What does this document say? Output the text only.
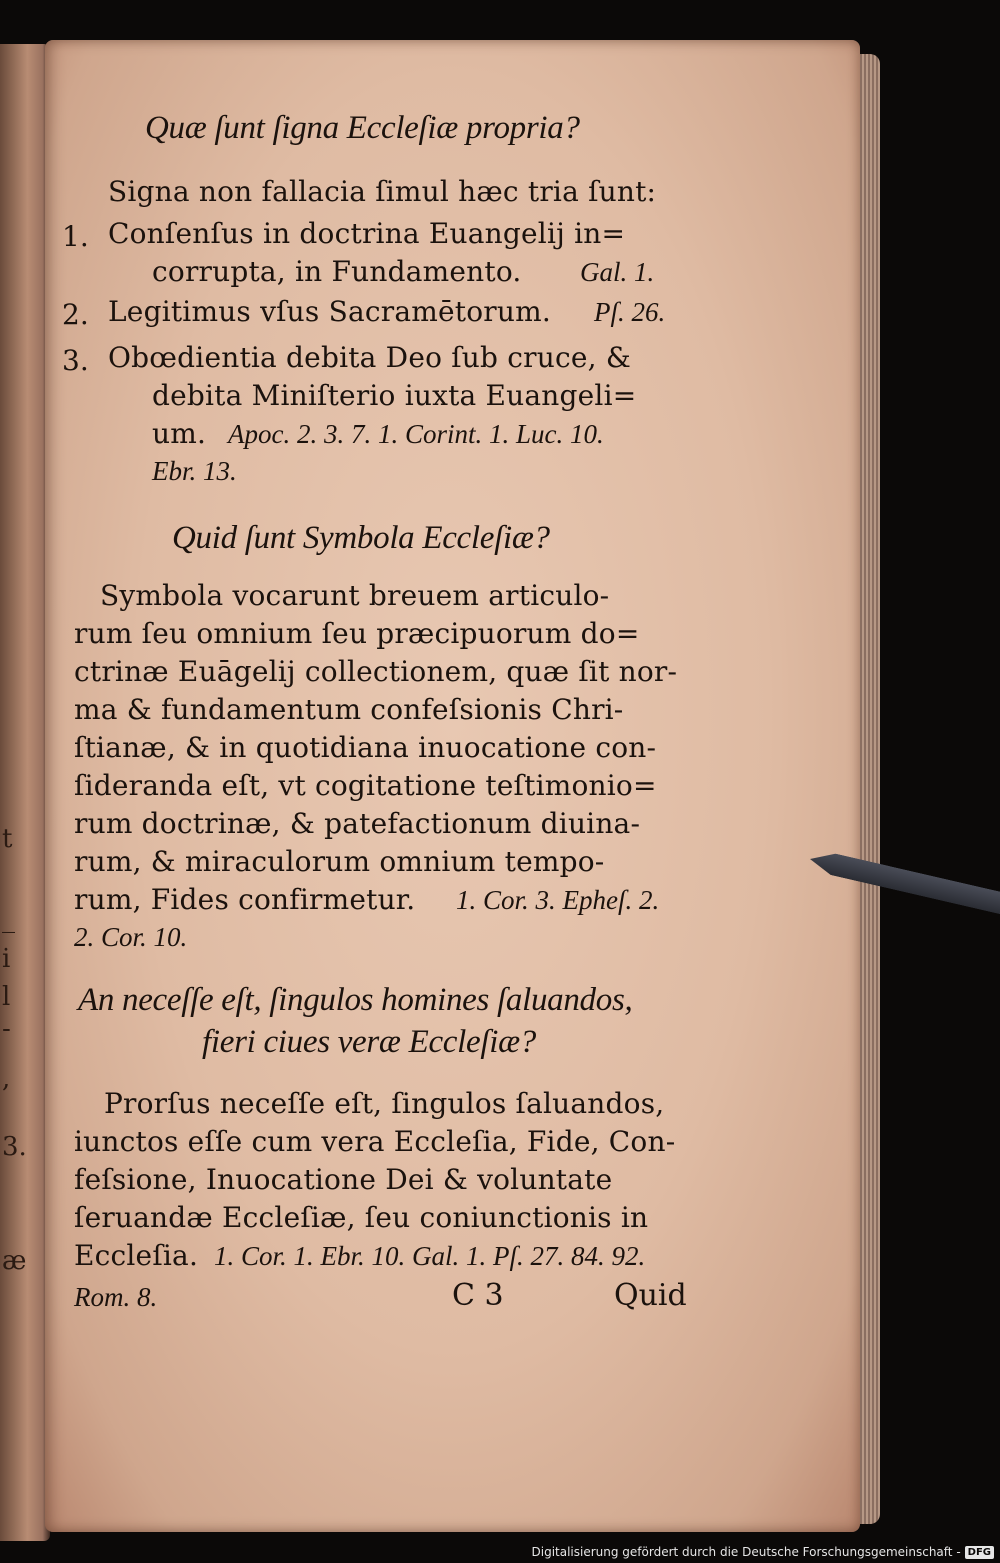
t
_
i
l
-
,
3.
æ
Quæ ſunt ſigna Eccleſiæ propria?
Signa non fallacia ſimul hæc tria ſunt:
1. Conſenſus in doctrina Euangelij in=
corrupta, in Fundamento. Gal. 1.
2. Legitimus vſus Sacramētorum. Pſ. 26.
3. Obœdientia debita Deo ſub cruce, &
debita Miniſterio iuxta Euangeli=
um. Apoc. 2. 3. 7. 1. Corint. 1. Luc. 10.
Ebr. 13.
Quid ſunt Symbola Eccleſiæ?
Symbola vocarunt breuem articulo-
rum ſeu omnium ſeu præcipuorum do=
ctrinæ Euāgelij collectionem, quæ ſit nor-
ma & fundamentum confeſsionis Chri-
ſtianæ, & in quotidiana inuocatione con-
ſideranda eſt, vt cogitatione teſtimonio=
rum doctrinæ, & patefactionum diuina-
rum, & miraculorum omnium tempo-
rum, Fides confirmetur. 1. Cor. 3. Epheſ. 2.
2. Cor. 10.
An neceſſe eſt, ſingulos homines ſaluandos,
fieri ciues veræ Eccleſiæ?
Prorſus neceſſe eſt, ſingulos ſaluandos,
iunctos eſſe cum vera Eccleſia, Fide, Con-
feſsione, Inuocatione Dei & voluntate
ſeruandæ Eccleſiæ, ſeu coniunctionis in
Eccleſia. 1. Cor. 1. Ebr. 10. Gal. 1. Pſ. 27. 84. 92.
Rom. 8.	C 3	Quid
Digitalisierung gefördert durch die Deutsche Forschungsgemeinschaft - DFG
